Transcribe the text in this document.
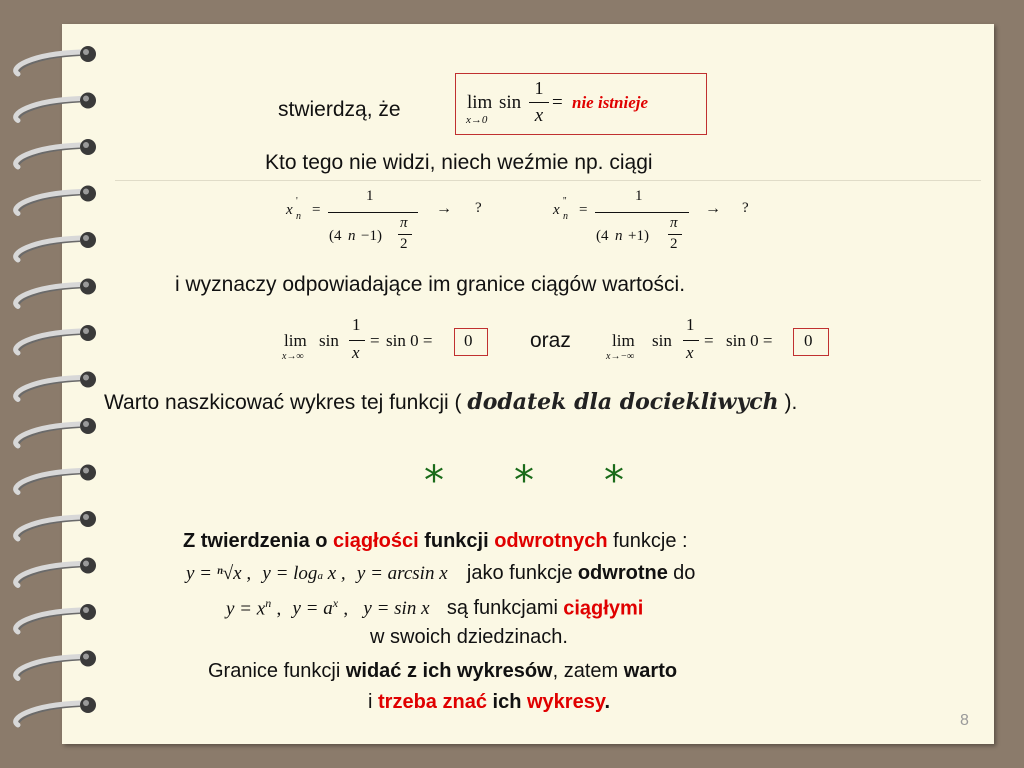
stwierdzą, że	lim
x→0
sin
1
x
= nie istnieje
Kto tego nie widzi, niech weźmie np. ciągi
x
'
n =
1
(4 n −1)
π
2
→ ?	x
''
n =
1
(4 n +1)
π
2
→ ?
i wyznaczy odpowiadające im granice ciągów wartości.
lim
x→∞
sin
1
x
= sin 0 = 0	oraz lim
x→−∞
sin
1
x
= sin 0 = 0
Warto naszkicować wykres tej funkcji ( dodatek dla dociekliwych ).
* * *
Z twierdzenia o ciągłości funkcji odwrotnych funkcje :
y = ⁿ√x , y = loga x , y = arcsin x jako funkcje odwrotne do
$y = x^n$ , $y = a^x$ , y = sin x są funkcjami ciągłymi
w swoich dziedzinach.
Granice funkcji widać z ich wykresów, zatem warto
i trzeba znać ich wykresy.
8
